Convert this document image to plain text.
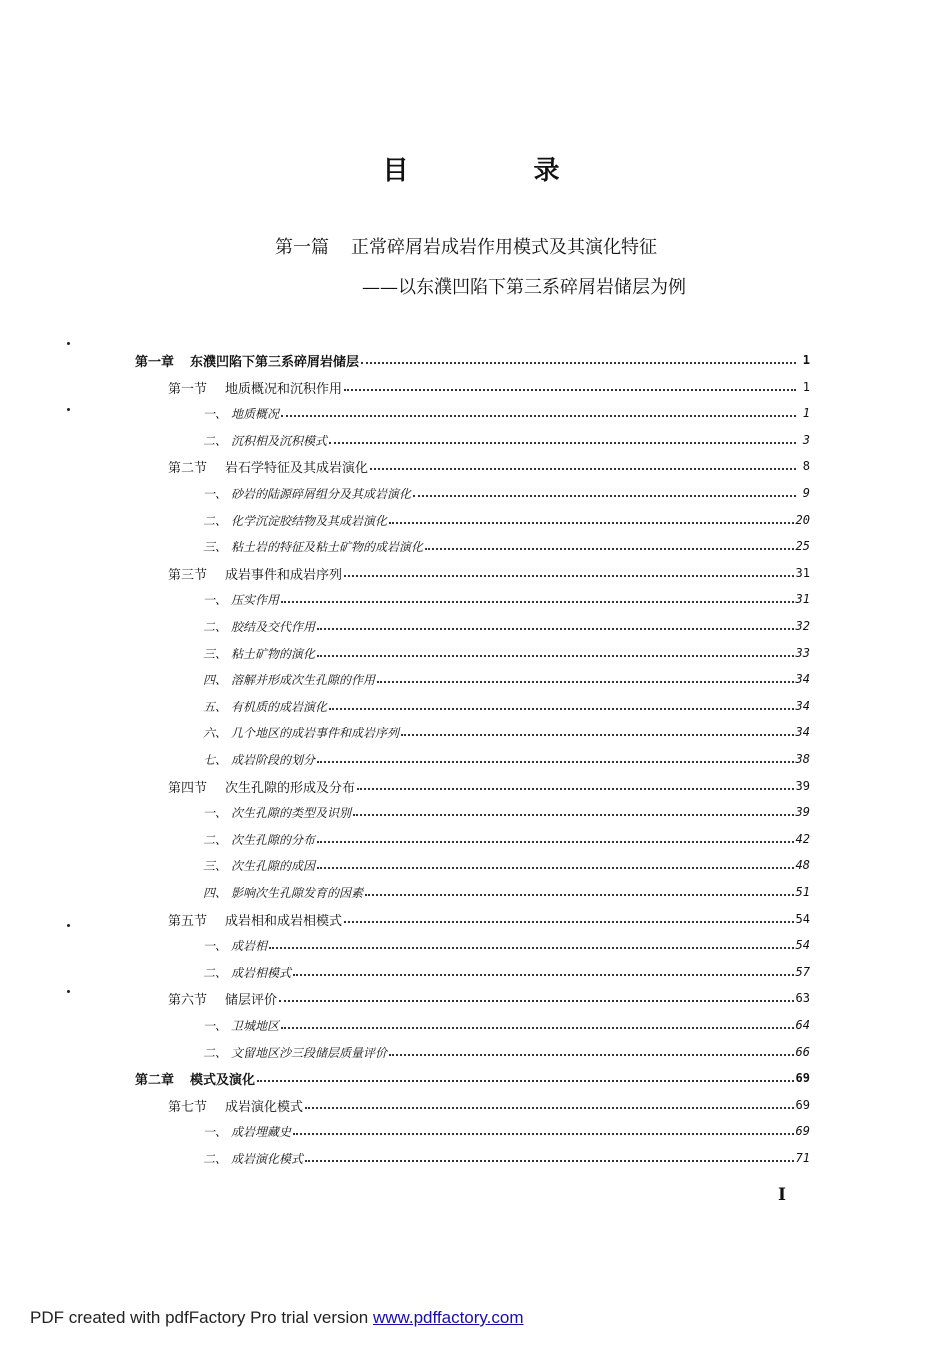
目 录
第一篇 正常碎屑岩成岩作用模式及其演化特征
——以东濮凹陷下第三系碎屑岩储层为例
第一章 东濮凹陷下第三系碎屑岩储层	1
第一节 地质概况和沉积作用	1
一、 地质概况	1
二、 沉积相及沉积模式	3
第二节 岩石学特征及其成岩演化	8
一、 砂岩的陆源碎屑组分及其成岩演化	9
二、 化学沉淀胶结物及其成岩演化	20
三、 粘土岩的特征及粘土矿物的成岩演化	25
第三节 成岩事件和成岩序列	31
一、 压实作用	31
二、 胶结及交代作用	32
三、 粘土矿物的演化	33
四、 溶解并形成次生孔隙的作用	34
五、 有机质的成岩演化	34
六、 几个地区的成岩事件和成岩序列	34
七、 成岩阶段的划分	38
第四节 次生孔隙的形成及分布	39
一、 次生孔隙的类型及识别	39
二、 次生孔隙的分布	42
三、 次生孔隙的成因	48
四、 影响次生孔隙发育的因素	51
第五节 成岩相和成岩相模式	54
一、 成岩相	54
二、 成岩相模式	57
第六节 储层评价	63
一、 卫城地区	64
二、 文留地区沙三段储层质量评价	66
第二章 模式及演化	69
第七节 成岩演化模式	69
一、 成岩埋藏史	69
二、 成岩演化模式	71
I
PDF created with pdfFactory Pro trial version www.pdffactory.com
